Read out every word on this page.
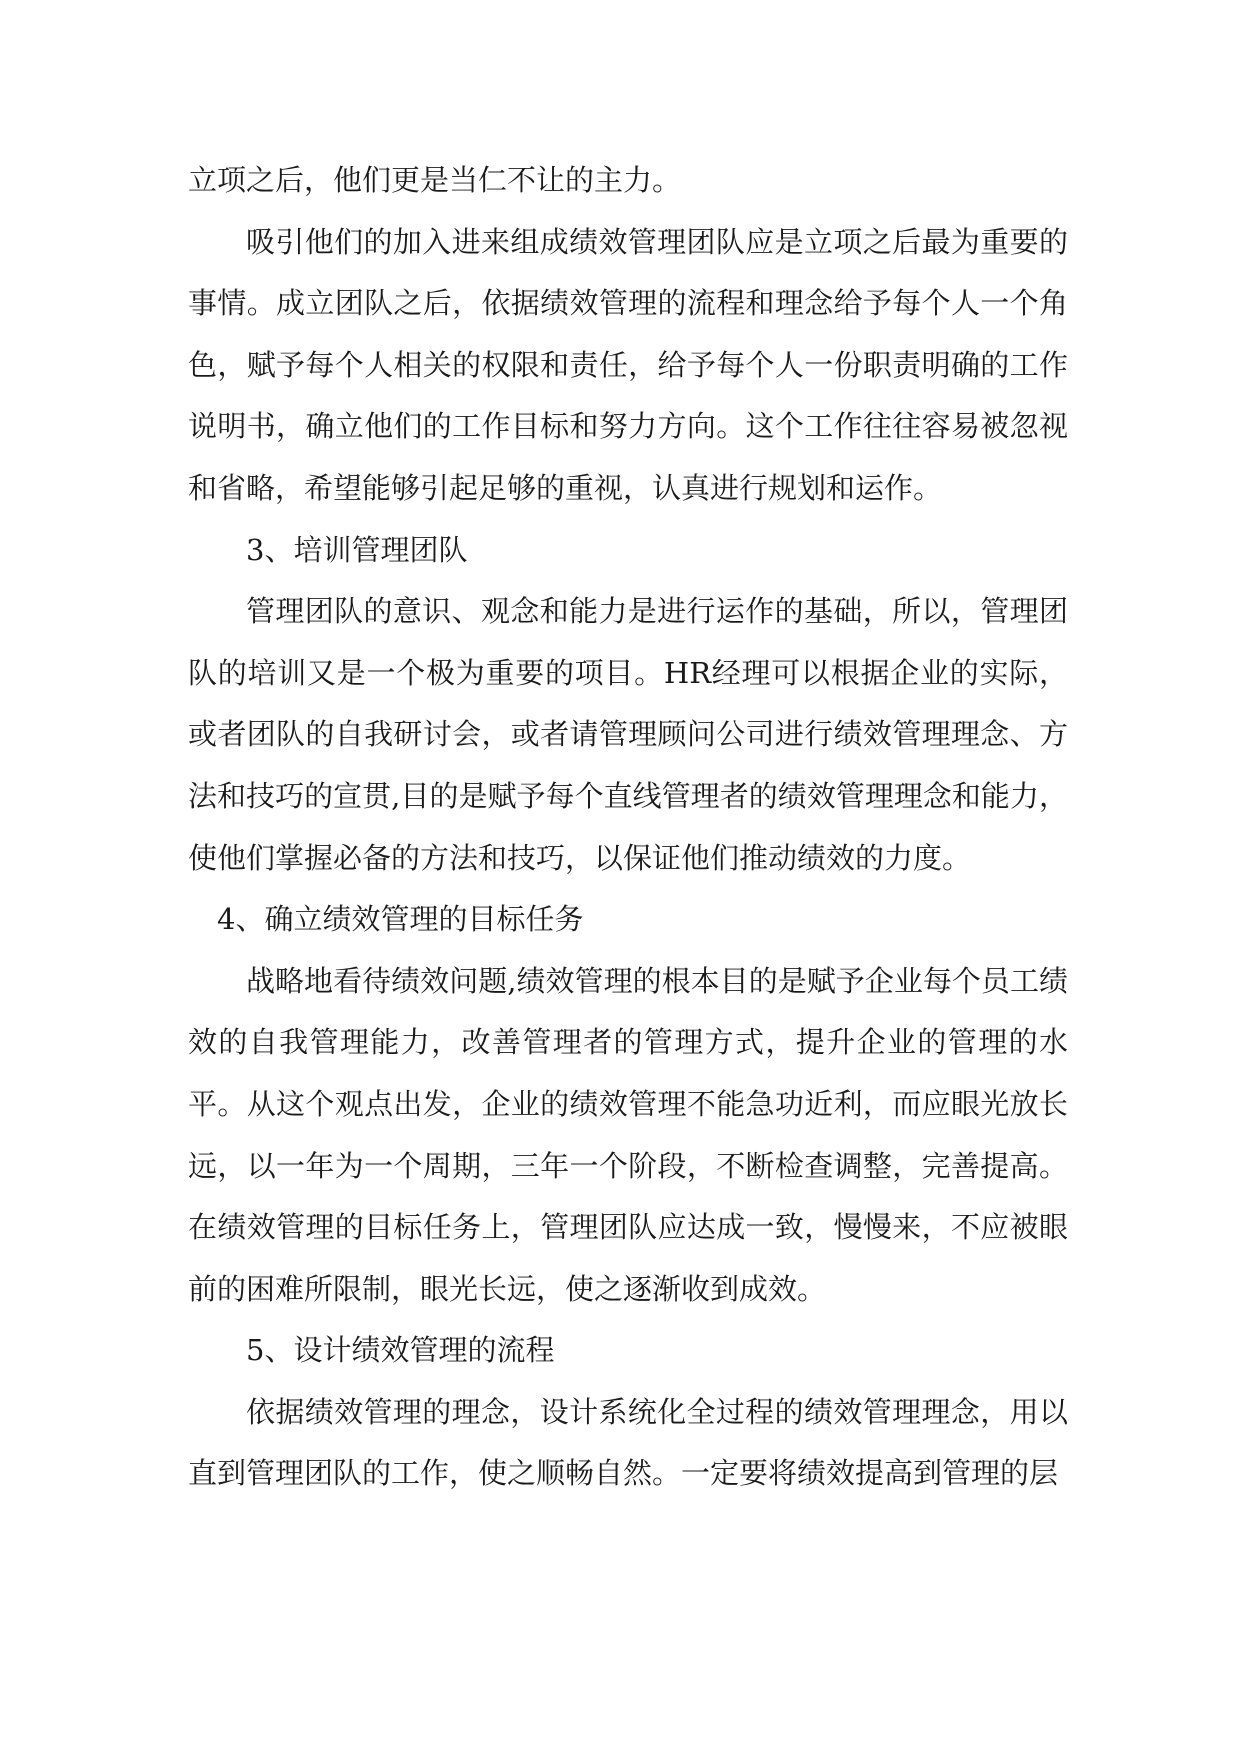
立项之后，他们更是当仁不让的主力。

吸引他们的加入进来组成绩效管理团队应是立项之后最为重要的事情。成立团队之后，依据绩效管理的流程和理念给予每个人一个角色，赋予每个人相关的权限和责任，给予每个人一份职责明确的工作说明书，确立他们的工作目标和努力方向。这个工作往往容易被忽视和省略，希望能够引起足够的重视，认真进行规划和运作。

3、培训管理团队

管理团队的意识、观念和能力是进行运作的基础，所以，管理团队的培训又是一个极为重要的项目。HR经理可以根据企业的实际，或者团队的自我研讨会，或者请管理顾问公司进行绩效管理理念、方法和技巧的宣贯,目的是赋予每个直线管理者的绩效管理理念和能力，使他们掌握必备的方法和技巧，以保证他们推动绩效的力度。

4、确立绩效管理的目标任务

战略地看待绩效问题,绩效管理的根本目的是赋予企业每个员工绩效的自我管理能力，改善管理者的管理方式，提升企业的管理的水平。从这个观点出发，企业的绩效管理不能急功近利，而应眼光放长远，以一年为一个周期，三年一个阶段，不断检查调整，完善提高。在绩效管理的目标任务上，管理团队应达成一致，慢慢来，不应被眼前的困难所限制，眼光长远，使之逐渐收到成效。

5、设计绩效管理的流程

依据绩效管理的理念，设计系统化全过程的绩效管理理念，用以直到管理团队的工作，使之顺畅自然。一定要将绩效提高到管理的层
